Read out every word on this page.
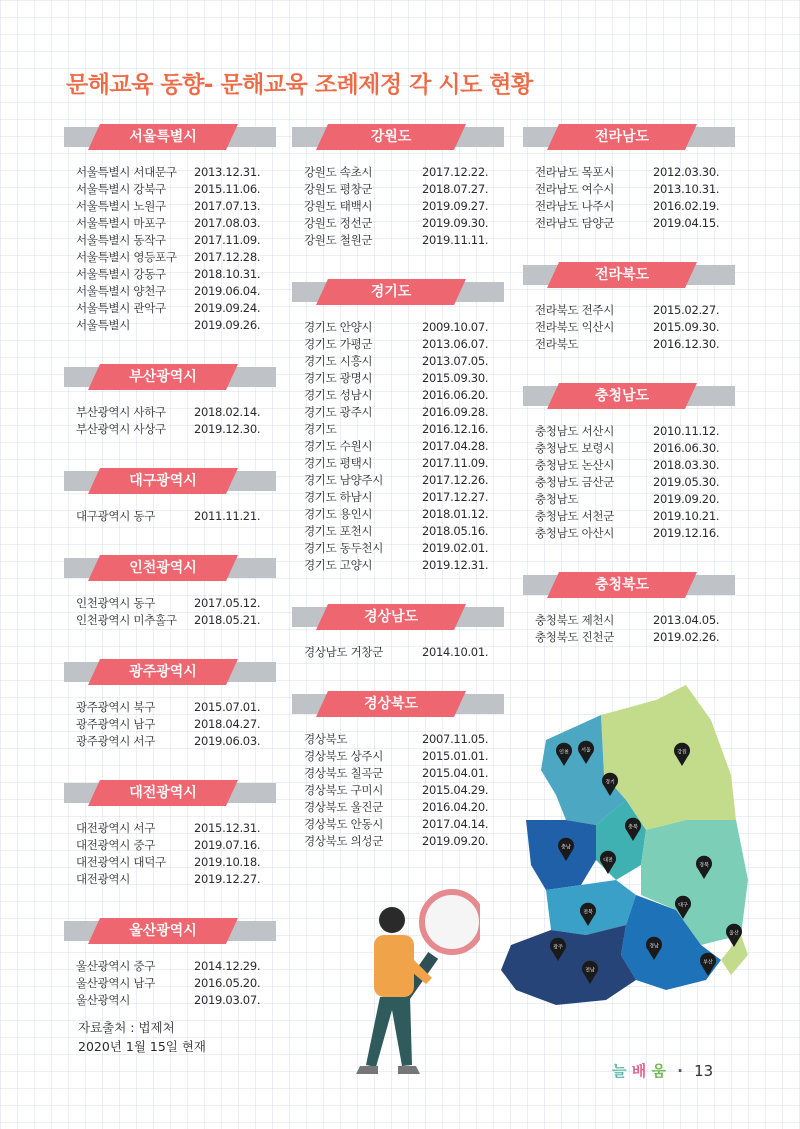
문해교육 동향- 문해교육 조례제정 각 시도 현황
서울특별시
서울특별시 서대문구	2013.12.31.
서울특별시 강북구	2015.11.06.
서울특별시 노원구	2017.07.13.
서울특별시 마포구	2017.08.03.
서울특별시 동작구	2017.11.09.
서울특별시 영등포구	2017.12.28.
서울특별시 강동구	2018.10.31.
서울특별시 양천구	2019.06.04.
서울특별시 관악구	2019.09.24.
서울특별시	2019.09.26.
부산광역시
부산광역시 사하구	2018.02.14.
부산광역시 사상구	2019.12.30.
대구광역시
대구광역시 동구	2011.11.21.
인천광역시
인천광역시 동구	2017.05.12.
인천광역시 미추홀구	2018.05.21.
광주광역시
광주광역시 북구	2015.07.01.
광주광역시 남구	2018.04.27.
광주광역시 서구	2019.06.03.
대전광역시
대전광역시 서구	2015.12.31.
대전광역시 중구	2019.07.16.
대전광역시 대덕구	2019.10.18.
대전광역시	2019.12.27.
울산광역시
울산광역시 중구	2014.12.29.
울산광역시 남구	2016.05.20.
울산광역시	2019.03.07.
강원도
강원도 속초시	2017.12.22.
강원도 평창군	2018.07.27.
강원도 태백시	2019.09.27.
강원도 정선군	2019.09.30.
강원도 철원군	2019.11.11.
경기도
경기도 안양시	2009.10.07.
경기도 가평군	2013.06.07.
경기도 시흥시	2013.07.05.
경기도 광명시	2015.09.30.
경기도 성남시	2016.06.20.
경기도 광주시	2016.09.28.
경기도	2016.12.16.
경기도 수원시	2017.04.28.
경기도 평택시	2017.11.09.
경기도 남양주시	2017.12.26.
경기도 하남시	2017.12.27.
경기도 용인시	2018.01.12.
경기도 포천시	2018.05.16.
경기도 동두천시	2019.02.01.
경기도 고양시	2019.12.31.
경상남도
경상남도 거창군	2014.10.01.
경상북도
경상북도	2007.11.05.
경상북도 상주시	2015.01.01.
경상북도 칠곡군	2015.04.01.
경상북도 구미시	2015.04.29.
경상북도 울진군	2016.04.20.
경상북도 안동시	2017.04.14.
경상북도 의성군	2019.09.20.
전라남도
전라남도 목포시	2012.03.30.
전라남도 여수시	2013.10.31.
전라남도 나주시	2016.02.19.
전라남도 담양군	2019.04.15.
전라북도
전라북도 전주시	2015.02.27.
전라북도 익산시	2015.09.30.
전라북도	2016.12.30.
충청남도
충청남도 서산시	2010.11.12.
충청남도 보령시	2016.06.30.
충청남도 논산시	2018.03.30.
충청남도 금산군	2019.05.30.
충청남도	2019.09.20.
충청남도 서천군	2019.10.21.
충청남도 아산시	2019.12.16.
충청북도
충청북도 제천시	2013.04.05.
충청북도 진천군	2019.02.26.
인천 서울	강원
경기
충북
충남
대전
경북
대구
전북
울산
광주	경남
전남
부산
자료출처 : 법제처
2020년 1월 15일 현재
늘 배 움 · 13
